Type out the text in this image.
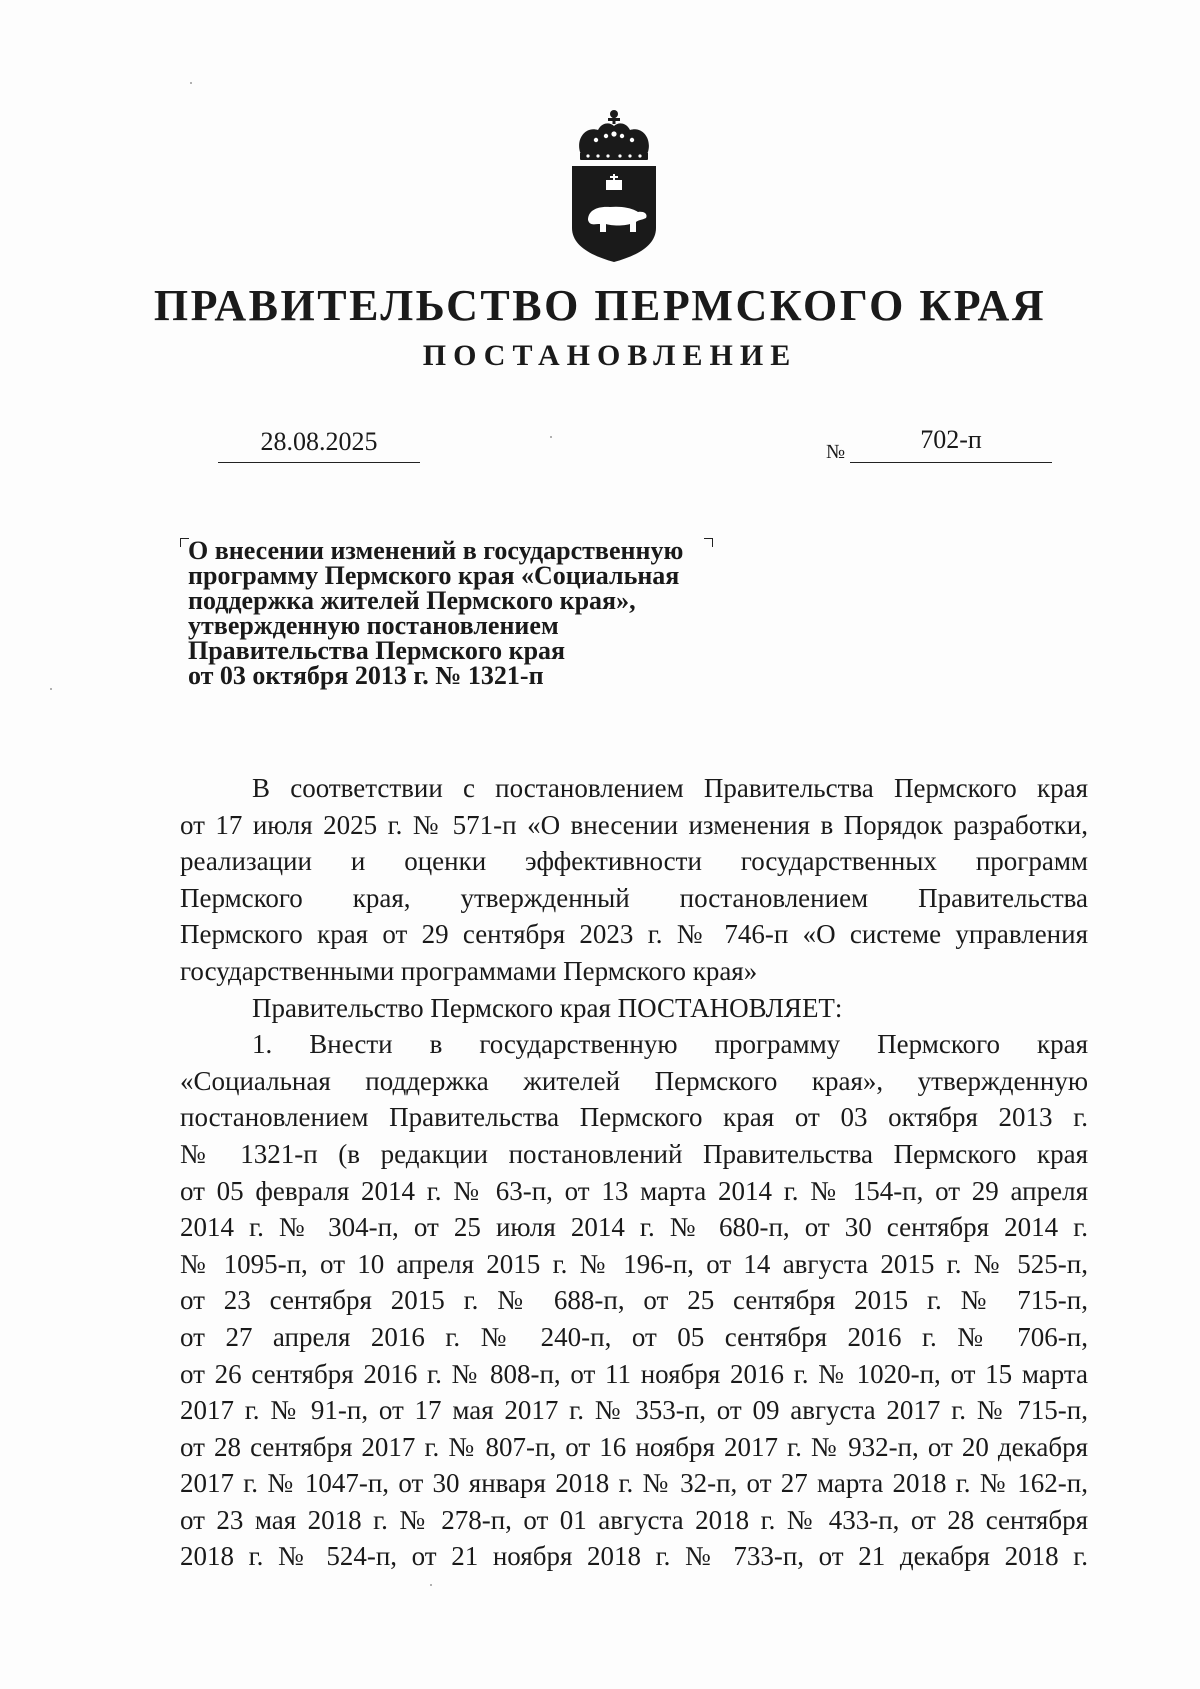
ПРАВИТЕЛЬСТВО ПЕРМСКОГО КРАЯ
ПОСТАНОВЛЕНИЕ
28.08.2025	№	702-п
О внесении изменений в государственную
программу Пермского края «Социальная
поддержка жителей Пермского края»,
утвержденную постановлением
Правительства Пермского края
от 03 октября 2013 г. № 1321-п
В соответствии с постановлением Правительства Пермского края
от 17 июля 2025 г. № 571-п «О внесении изменения в Порядок разработки,
реализации и оценки эффективности государственных программ
Пермского края, утвержденный постановлением Правительства
Пермского края от 29 сентября 2023 г. № 746-п «О системе управления
государственными программами Пермского края»
Правительство Пермского края ПОСТАНОВЛЯЕТ:
1. Внести в государственную программу Пермского края
«Социальная поддержка жителей Пермского края», утвержденную
постановлением Правительства Пермского края от 03 октября 2013 г.
№ 1321-п (в редакции постановлений Правительства Пермского края
от 05 февраля 2014 г. № 63-п, от 13 марта 2014 г. № 154-п, от 29 апреля
2014 г. № 304-п, от 25 июля 2014 г. № 680-п, от 30 сентября 2014 г.
№ 1095-п, от 10 апреля 2015 г. № 196-п, от 14 августа 2015 г. № 525-п,
от 23 сентября 2015 г. № 688-п, от 25 сентября 2015 г. № 715-п,
от 27 апреля 2016 г. № 240-п, от 05 сентября 2016 г. № 706-п,
от 26 сентября 2016 г. № 808-п, от 11 ноября 2016 г. № 1020-п, от 15 марта
2017 г. № 91-п, от 17 мая 2017 г. № 353-п, от 09 августа 2017 г. № 715-п,
от 28 сентября 2017 г. № 807-п, от 16 ноября 2017 г. № 932-п, от 20 декабря
2017 г. № 1047-п, от 30 января 2018 г. № 32-п, от 27 марта 2018 г. № 162-п,
от 23 мая 2018 г. № 278-п, от 01 августа 2018 г. № 433-п, от 28 сентября
2018 г. № 524-п, от 21 ноября 2018 г. № 733-п, от 21 декабря 2018 г.
